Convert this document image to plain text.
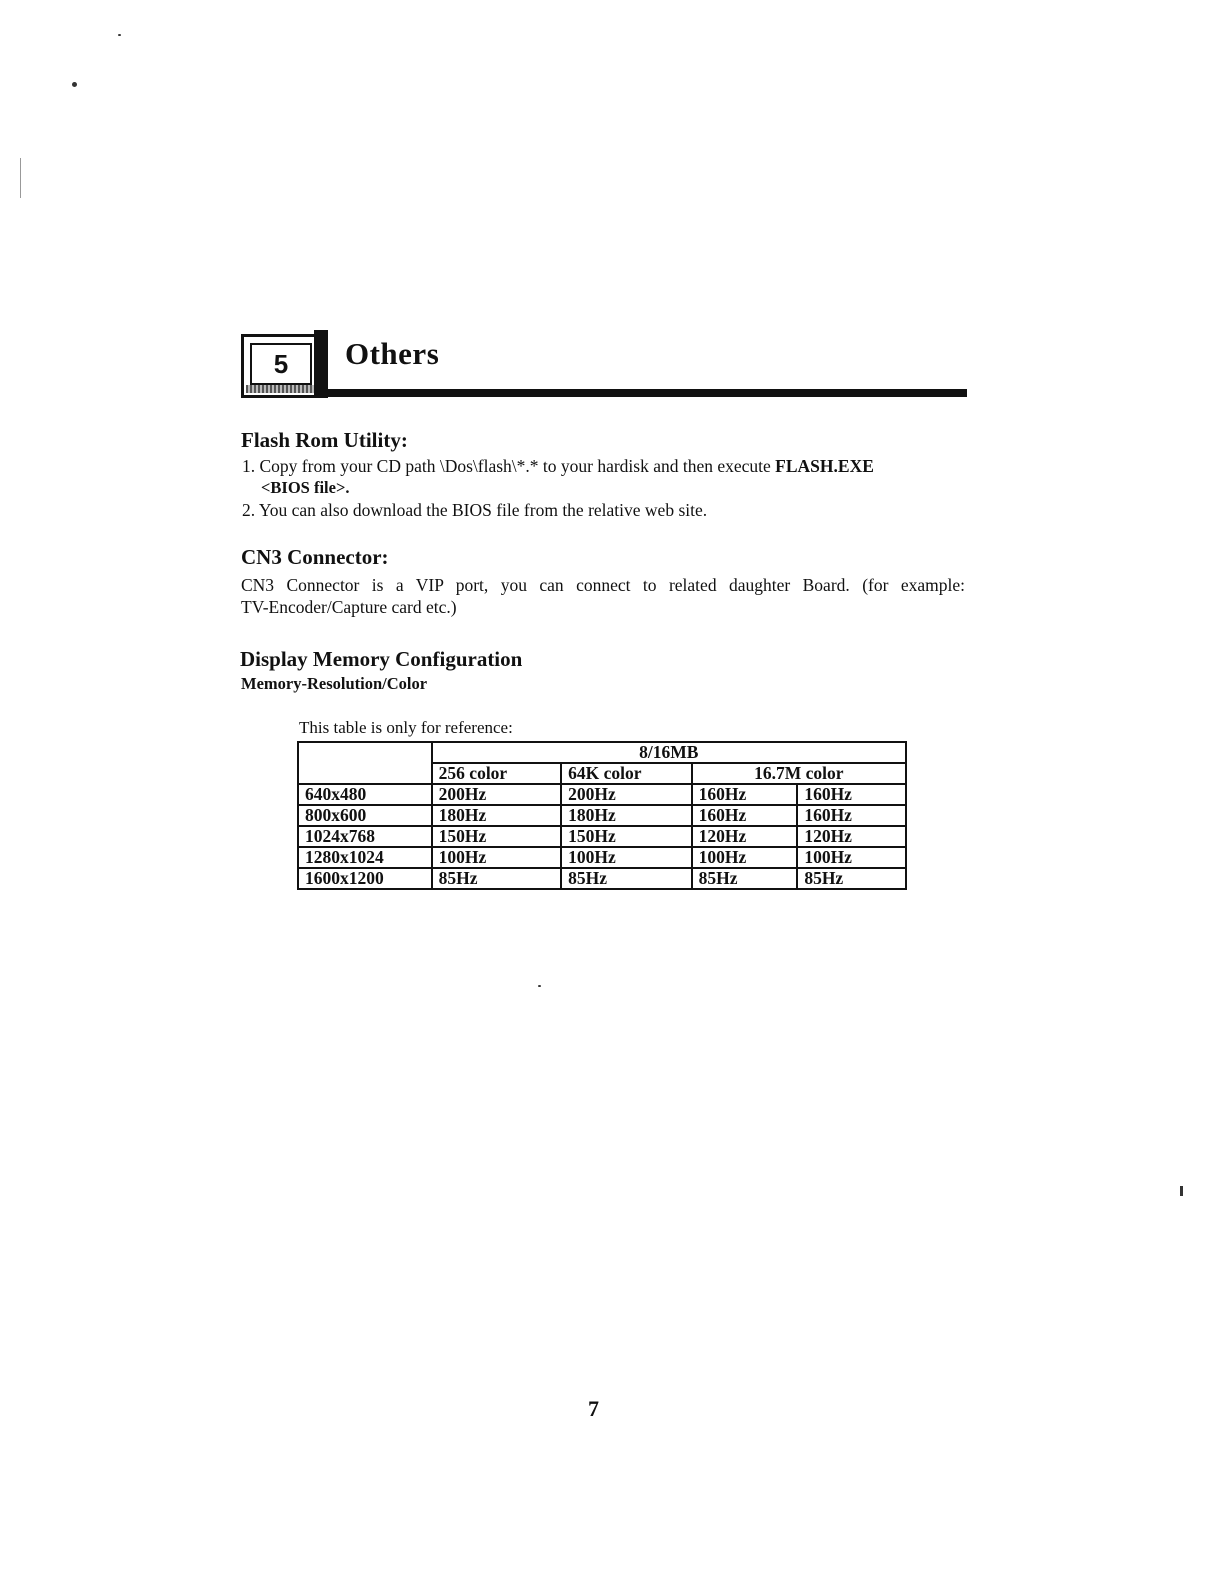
5	Others
Flash Rom Utility:

1. Copy from your CD path \Dos\flash\*.* to your hardisk and then execute FLASH.EXE

<BIOS file>.

2. You can also download the BIOS file from the relative web site.

CN3 Connector:

CN3 Connector is a VIP port, you can connect to related daughter Board. (for example:

TV-Encoder/Capture card etc.)

Display Memory Configuration

Memory-Resolution/Color

This table is only for reference:
	8/16MB			
	256 color	64K color	16.7M color	
640x480	200Hz	200Hz	160Hz	160Hz
800x600	180Hz	180Hz	160Hz	160Hz
1024x768	150Hz	150Hz	120Hz	120Hz
1280x1024	100Hz	100Hz	100Hz	100Hz
1600x1200	85Hz	85Hz	85Hz	85Hz
7
